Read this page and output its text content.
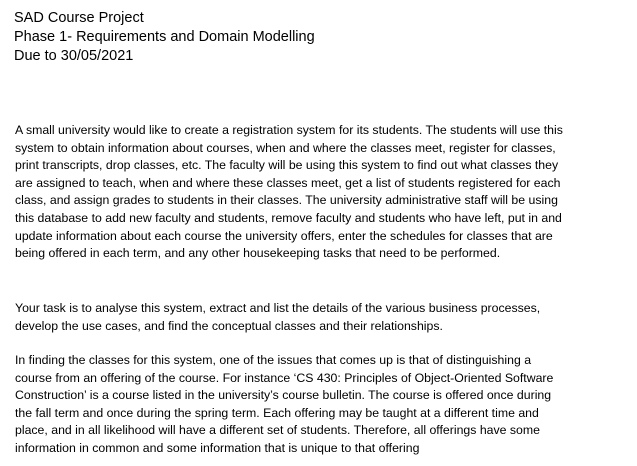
SAD Course Project
Phase 1- Requirements and Domain Modelling
Due to 30/05/2021

A small university would like to create a registration system for its students. The students will use this
system to obtain information about courses, when and where the classes meet, register for classes,
print transcripts, drop classes, etc. The faculty will be using this system to find out what classes they
are assigned to teach, when and where these classes meet, get a list of students registered for each
class, and assign grades to students in their classes. The university administrative staff will be using
this database to add new faculty and students, remove faculty and students who have left, put in and
update information about each course the university offers, enter the schedules for classes that are
being offered in each term, and any other housekeeping tasks that need to be performed.

Your task is to analyse this system, extract and list the details of the various business processes,
develop the use cases, and find the conceptual classes and their relationships.

In finding the classes for this system, one of the issues that comes up is that of distinguishing a
course from an offering of the course. For instance ‘CS 430: Principles of Object-Oriented Software
Construction’ is a course listed in the university’s course bulletin. The course is offered once during
the fall term and once during the spring term. Each offering may be taught at a different time and
place, and in all likelihood will have a different set of students. Therefore, all offerings have some
information in common and some information that is unique to that offering
